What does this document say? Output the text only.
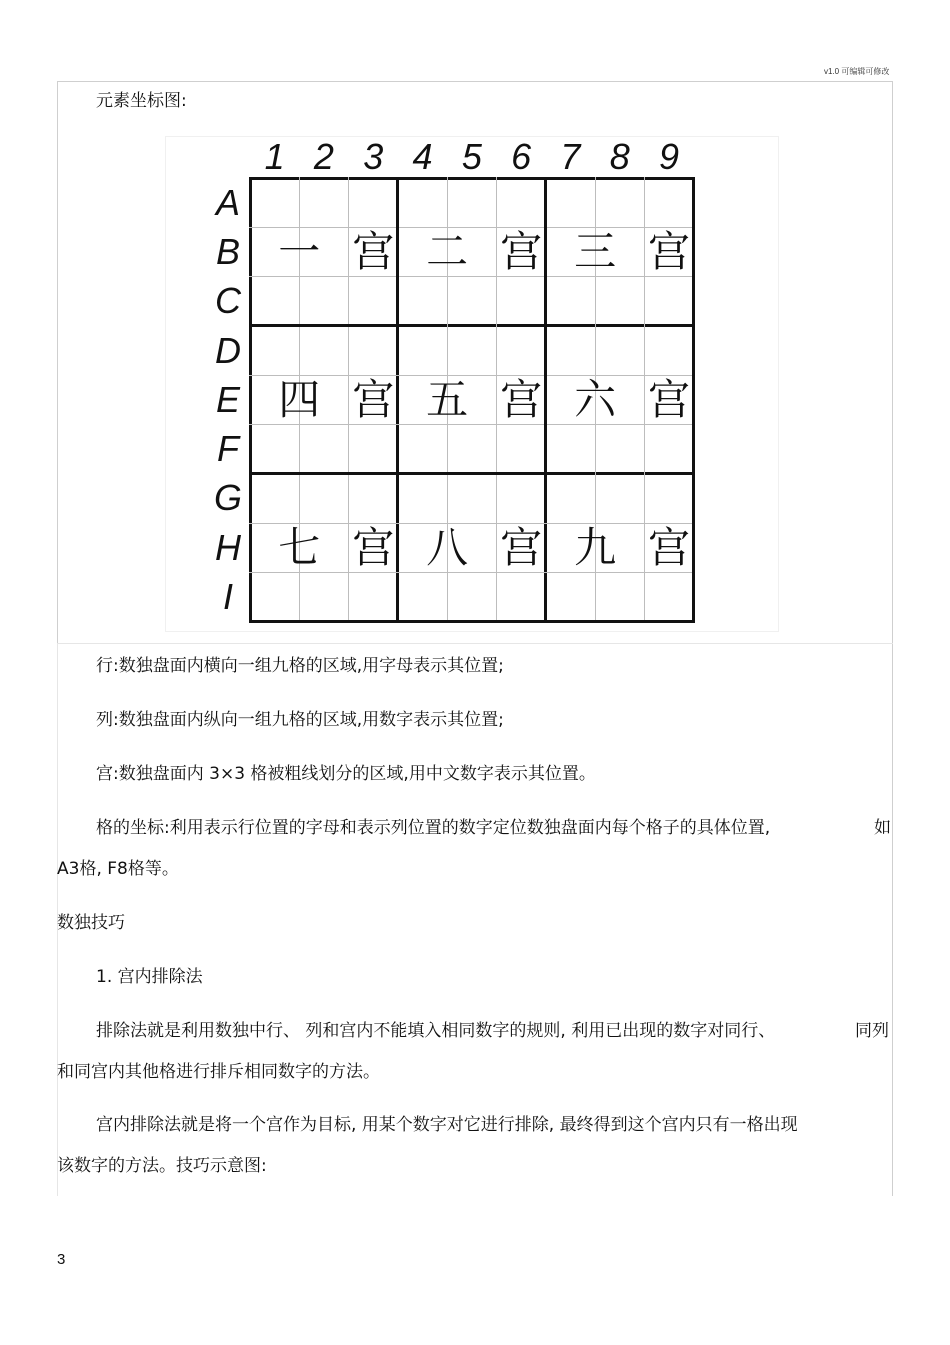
v1.0 可编辑可修改
元素坐标图:
1 2 3 4 5 6 7 8 9
A
B
C
D
E
F
G
H
I
一 宫 二 宫 三 宫
四 宫 五 宫 六 宫
七 宫 八 宫 九 宫
行:数独盘面内横向一组九格的区域,用字母表示其位置;
列:数独盘面内纵向一组九格的区域,用数字表示其位置;
宫:数独盘面内 3×3 格被粗线划分的区域,用中文数字表示其位置。
格的坐标:利用表示行位置的字母和表示列位置的数字定位数独盘面内每个格子的具体位置,	如
A3格, F8格等。
数独技巧
1. 宫内排除法
排除法就是利用数独中行、 列和宫内不能填入相同数字的规则, 利用已出现的数字对同行、	同列
和同宫内其他格进行排斥相同数字的方法。
宫内排除法就是将一个宫作为目标, 用某个数字对它进行排除, 最终得到这个宫内只有一格出现
该数字的方法。技巧示意图:
3
